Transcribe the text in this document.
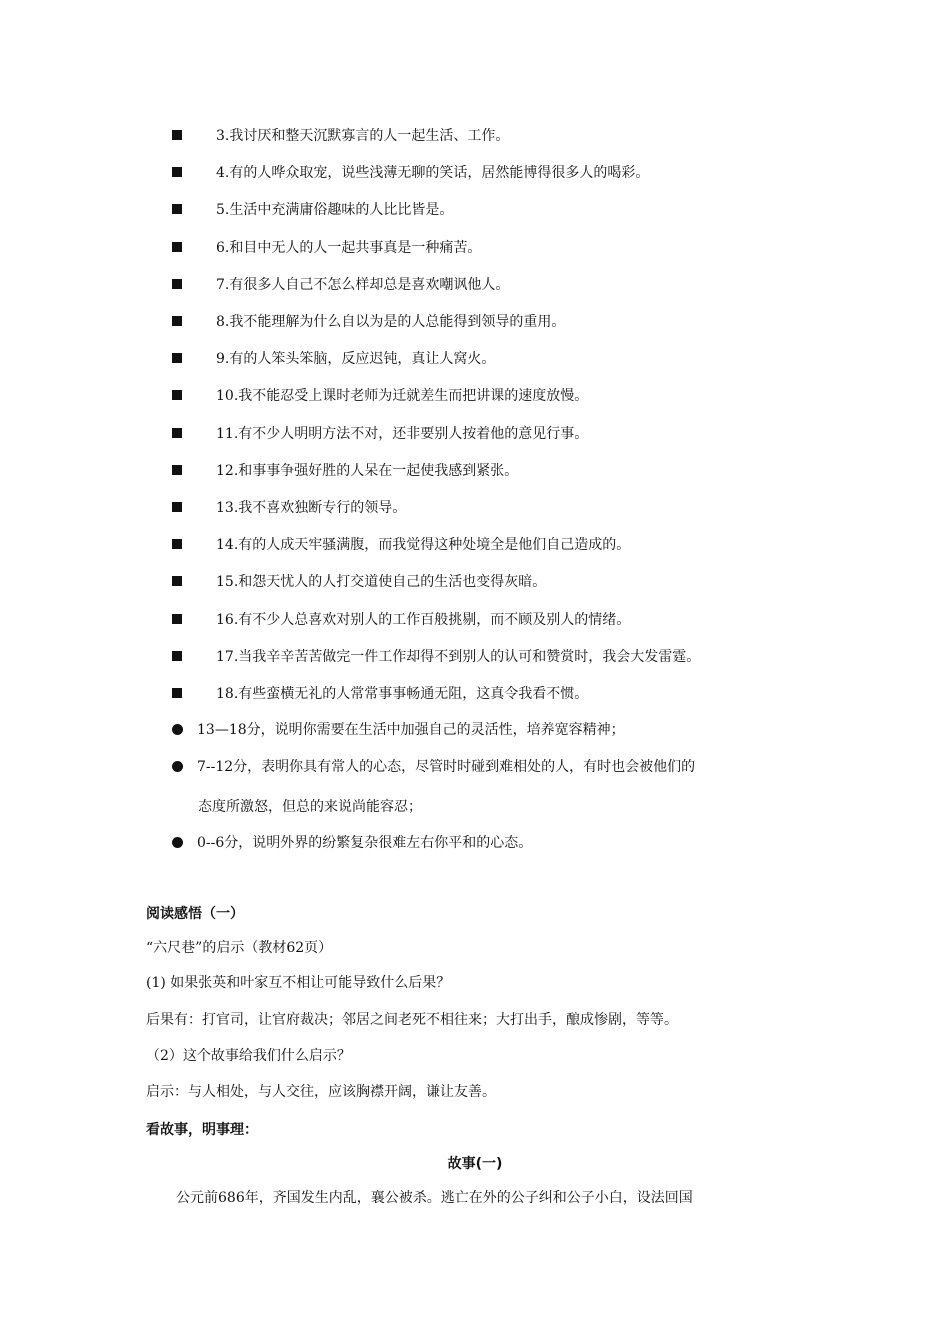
3.我讨厌和整天沉默寡言的人一起生活、工作。
4.有的人哗众取宠，说些浅薄无聊的笑话，居然能博得很多人的喝彩。
5.生活中充满庸俗趣味的人比比皆是。
6.和目中无人的人一起共事真是一种痛苦。
7.有很多人自己不怎么样却总是喜欢嘲讽他人。
8.我不能理解为什么自以为是的人总能得到领导的重用。
9.有的人笨头笨脑，反应迟钝，真让人窝火。
10.我不能忍受上课时老师为迁就差生而把讲课的速度放慢。
11.有不少人明明方法不对，还非要别人按着他的意见行事。
12.和事事争强好胜的人呆在一起使我感到紧张。
13.我不喜欢独断专行的领导。
14.有的人成天牢骚满腹，而我觉得这种处境全是他们自己造成的。
15.和怨天忧人的人打交道使自己的生活也变得灰暗。
16.有不少人总喜欢对别人的工作百般挑剔，而不顾及别人的情绪。
17.当我辛辛苦苦做完一件工作却得不到别人的认可和赞赏时，我会大发雷霆。
18.有些蛮横无礼的人常常事事畅通无阻，这真令我看不惯。
13—18分，说明你需要在生活中加强自己的灵活性，培养宽容精神；
7--12分，表明你具有常人的心态，尽管时时碰到难相处的人，有时也会被他们的
态度所激怒，但总的来说尚能容忍；
0--6分，说明外界的纷繁复杂很难左右你平和的心态。
阅读感悟（一）
“六尺巷”的启示（教材62页）
(1) 如果张英和叶家互不相让可能导致什么后果？
后果有：打官司，让官府裁决；邻居之间老死不相往来；大打出手，酿成惨剧，等等。
（2）这个故事给我们什么启示？
启示：与人相处，与人交往，应该胸襟开阔，谦让友善。
看故事，明事理：
故事(一)
公元前686年，齐国发生内乱，襄公被杀。逃亡在外的公子纠和公子小白，设法回国
